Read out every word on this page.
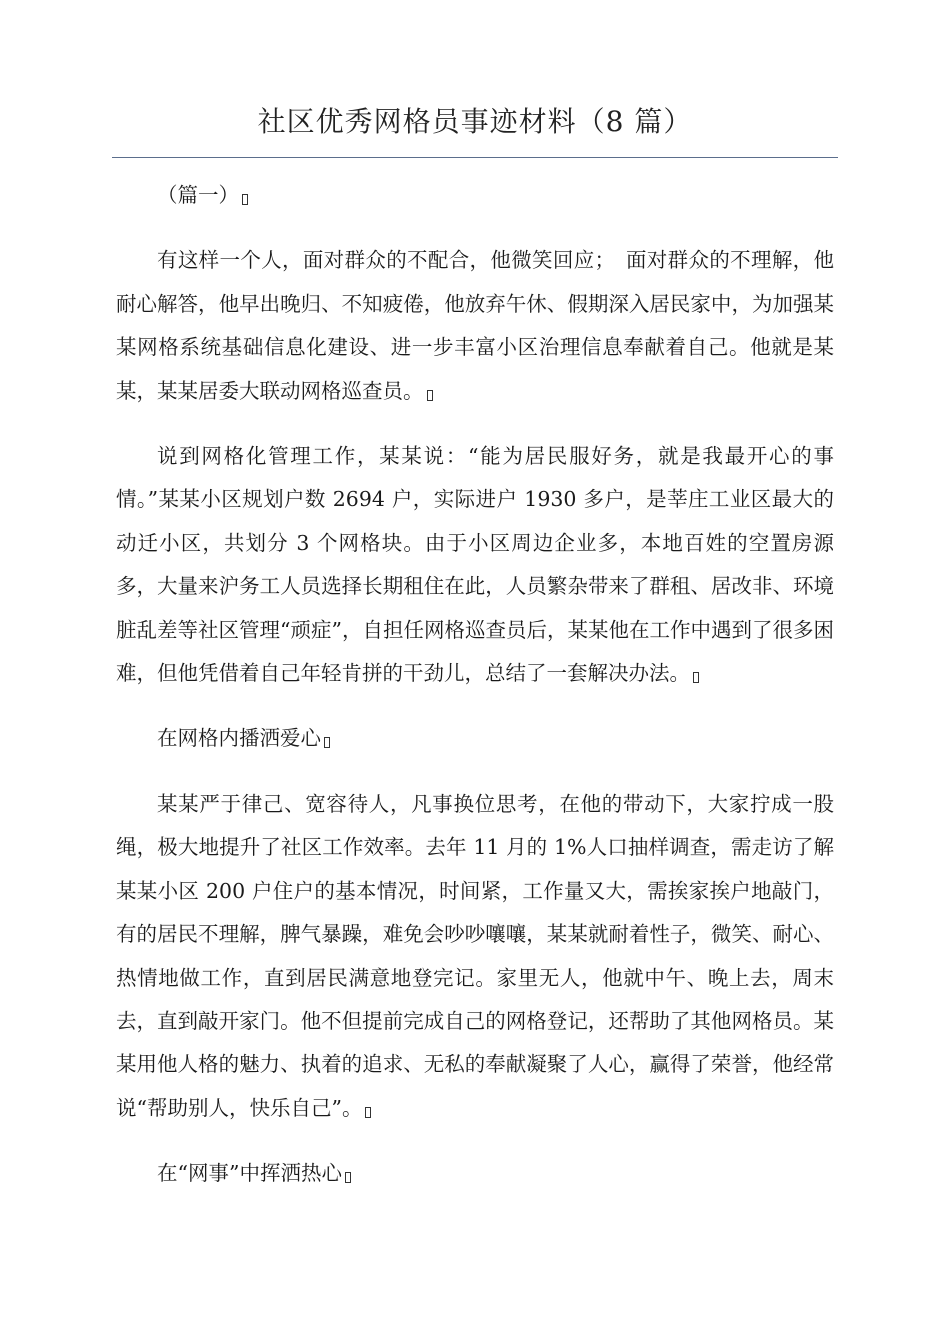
社区优秀网格员事迹材料（8 篇）

（篇一）

有这样一个人，面对群众的不配合，他微笑回应；　面对群众的不理解，他耐心解答，他早出晚归、不知疲倦，他放弃午休、假期深入居民家中，为加强某某网格系统基础信息化建设、进一步丰富小区治理信息奉献着自己。他就是某某，某某居委大联动网格巡查员。

说到网格化管理工作，某某说：“能为居民服好务，就是我最开心的事情。”某某小区规划户数 2694 户，实际进户 1930 多户，是莘庄工业区最大的动迁小区，共划分 3 个网格块。由于小区周边企业多，本地百姓的空置房源多，大量来沪务工人员选择长期租住在此，人员繁杂带来了群租、居改非、环境脏乱差等社区管理“顽症”，自担任网格巡查员后，某某他在工作中遇到了很多困难，但他凭借着自己年轻肯拼的干劲儿，总结了一套解决办法。

在网格内播洒爱心

某某严于律己、宽容待人，凡事换位思考，在他的带动下，大家拧成一股绳，极大地提升了社区工作效率。去年 11 月的 1%人口抽样调查，需走访了解某某小区 200 户住户的基本情况，时间紧，工作量又大，需挨家挨户地敲门，有的居民不理解，脾气暴躁，难免会吵吵嚷嚷，某某就耐着性子，微笑、耐心、热情地做工作，直到居民满意地登完记。家里无人，他就中午、晚上去，周末去，直到敲开家门。他不但提前完成自己的网格登记，还帮助了其他网格员。某某用他人格的魅力、执着的追求、无私的奉献凝聚了人心，赢得了荣誉，他经常说“帮助别人，快乐自己”。

在“网事”中挥洒热心
